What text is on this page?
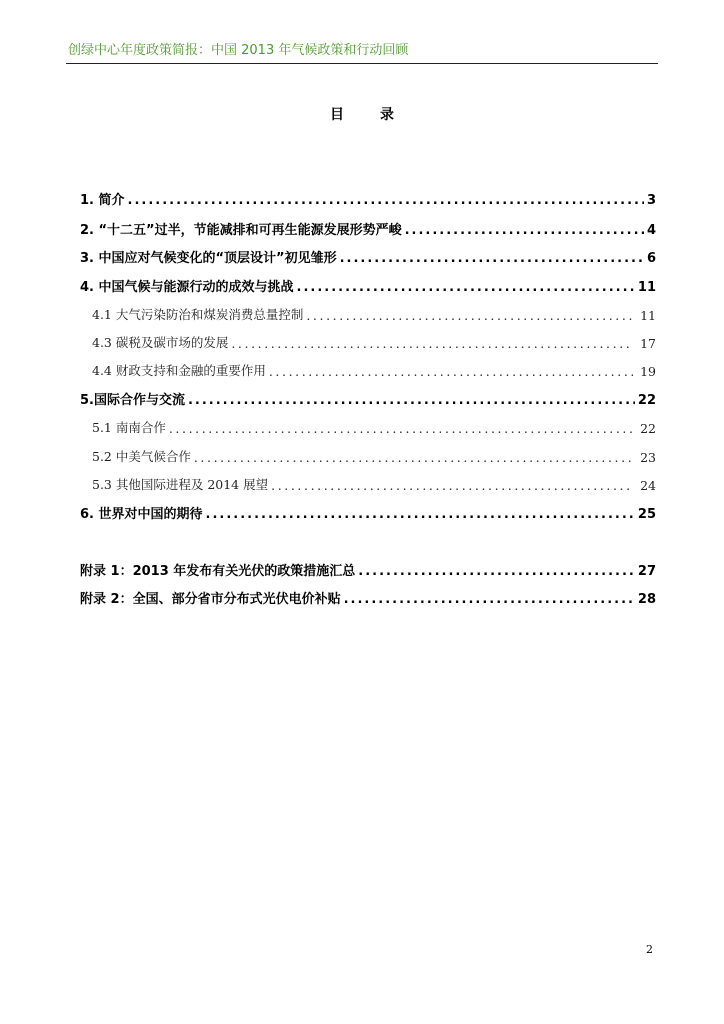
创绿中心年度政策简报：中国 2013 年气候政策和行动回顾
目录
1. 简介 .....	3
2. “十二五”过半，节能减排和可再生能源发展形势严峻 .....	4
3. 中国应对气候变化的“顶层设计”初见雏形 .....	6
4. 中国气候与能源行动的成效与挑战 .....	11
4.1 大气污染防治和煤炭消费总量控制 .....	11
4.3 碳税及碳市场的发展 .....	17
4.4 财政支持和金融的重要作用 .....	19
5.国际合作与交流 .....	22
5.1 南南合作 .....	22
5.2 中美气候合作 .....	23
5.3 其他国际进程及 2014 展望 .....	24
6. 世界对中国的期待 .....	25
附录 1：2013 年发布有关光伏的政策措施汇总 .....	27
附录 2：全国、部分省市分布式光伏电价补贴 .....	28
2
